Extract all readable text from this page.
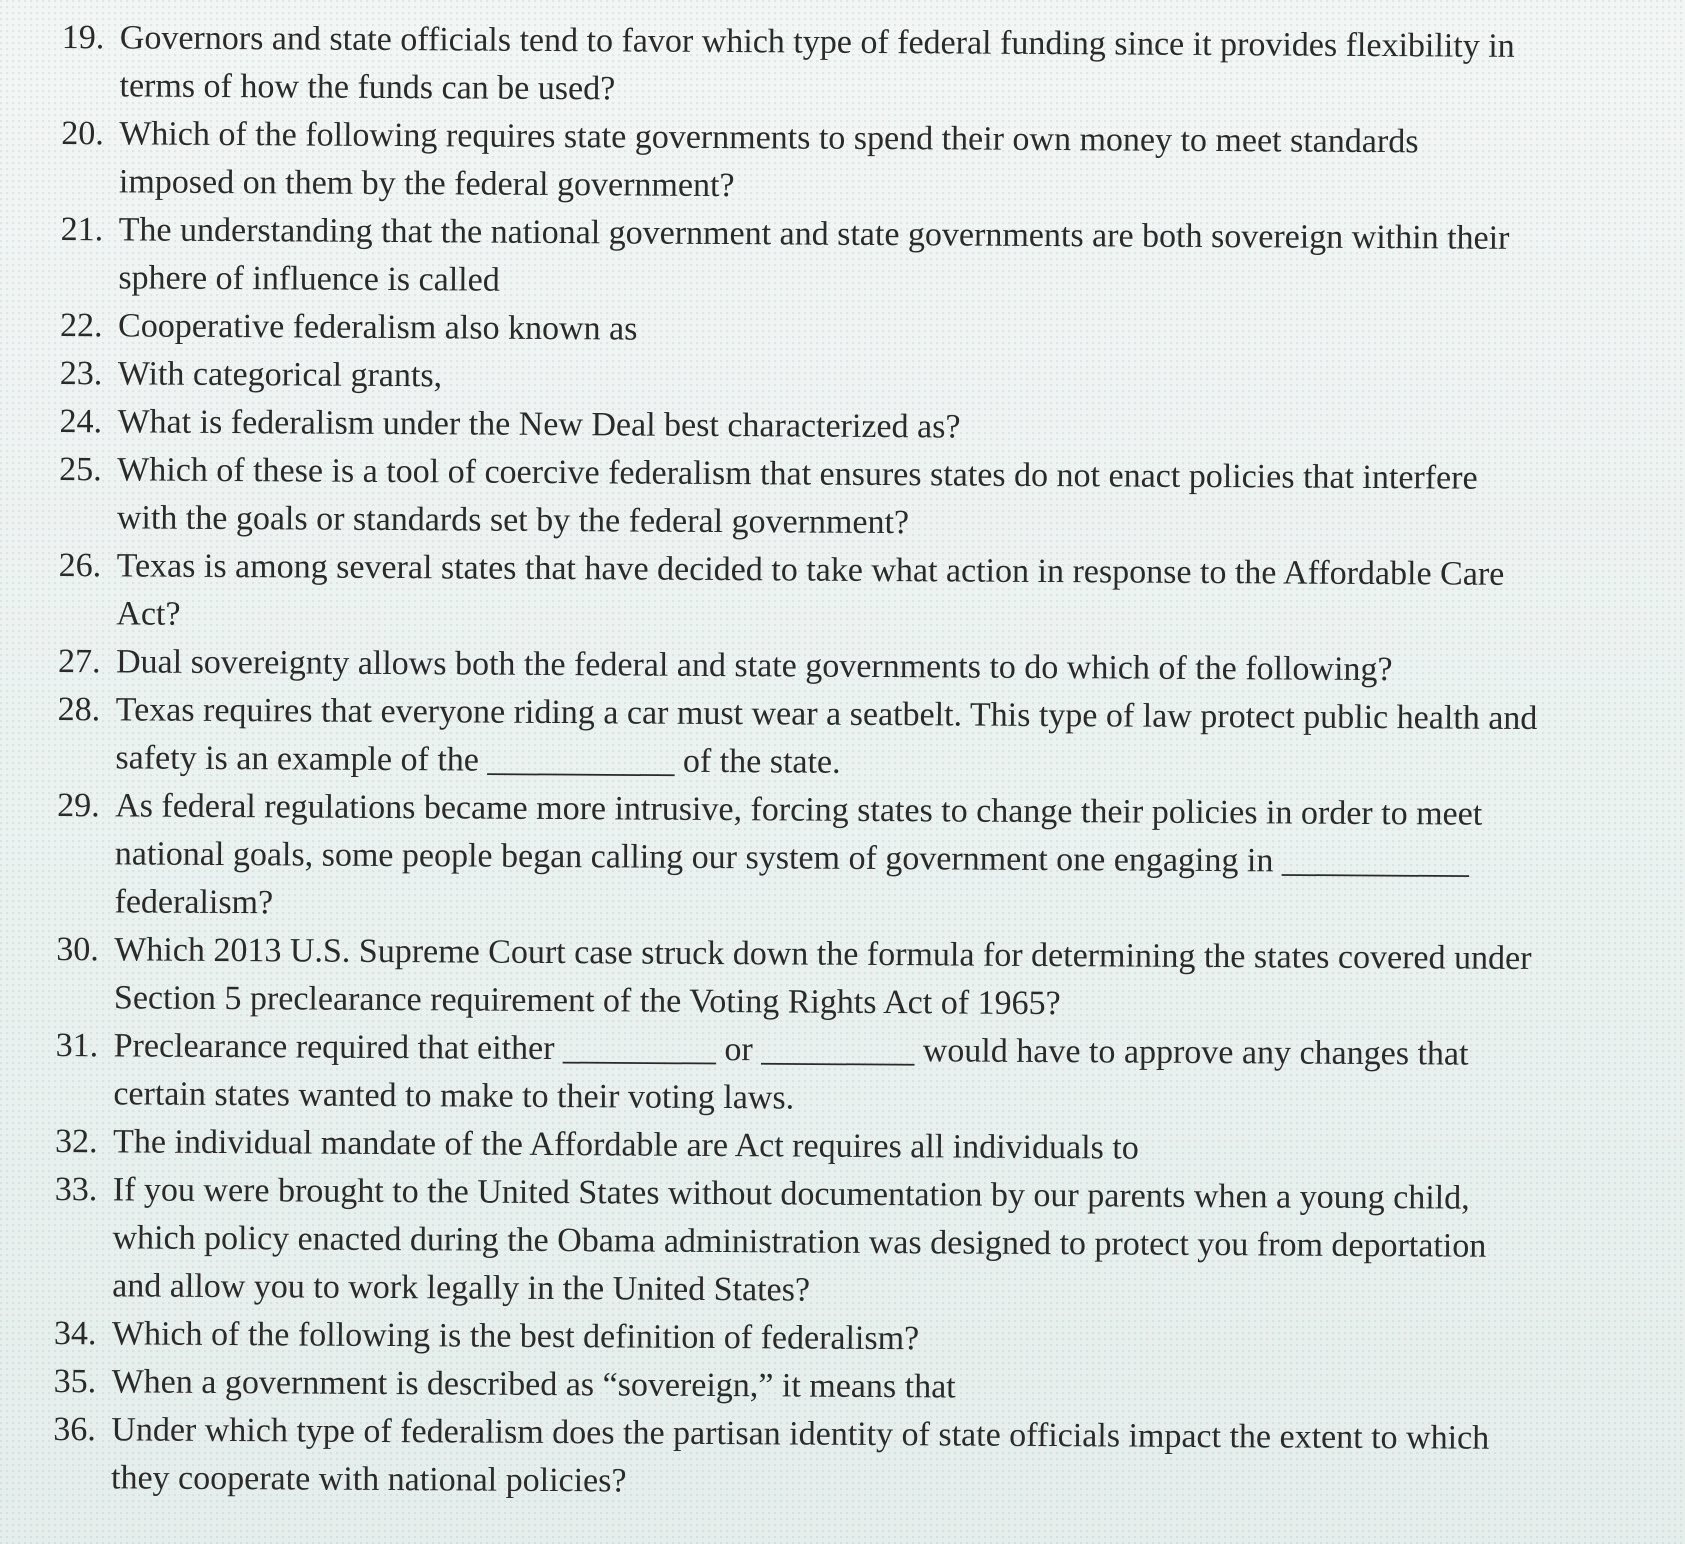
19. Governors and state officials tend to favor which type of federal funding since it provides flexibility in terms of how the funds can be used?
20. Which of the following requires state governments to spend their own money to meet standards imposed on them by the federal government?
21. The understanding that the national government and state governments are both sovereign within their sphere of influence is called
22. Cooperative federalism also known as
23. With categorical grants,
24. What is federalism under the New Deal best characterized as?
25. Which of these is a tool of coercive federalism that ensures states do not enact policies that interfere with the goals or standards set by the federal government?
26. Texas is among several states that have decided to take what action in response to the Affordable Care Act?
27. Dual sovereignty allows both the federal and state governments to do which of the following?
28. Texas requires that everyone riding a car must wear a seatbelt. This type of law protect public health and safety is an example of the ___________ of the state.
29. As federal regulations became more intrusive, forcing states to change their policies in order to meet national goals, some people began calling our system of government one engaging in ___________ federalism?
30. Which 2013 U.S. Supreme Court case struck down the formula for determining the states covered under Section 5 preclearance requirement of the Voting Rights Act of 1965?
31. Preclearance required that either _________ or _________ would have to approve any changes that certain states wanted to make to their voting laws.
32. The individual mandate of the Affordable are Act requires all individuals to
33. If you were brought to the United States without documentation by our parents when a young child, which policy enacted during the Obama administration was designed to protect you from deportation and allow you to work legally in the United States?
34. Which of the following is the best definition of federalism?
35. When a government is described as “sovereign,” it means that
36. Under which type of federalism does the partisan identity of state officials impact the extent to which they cooperate with national policies?
